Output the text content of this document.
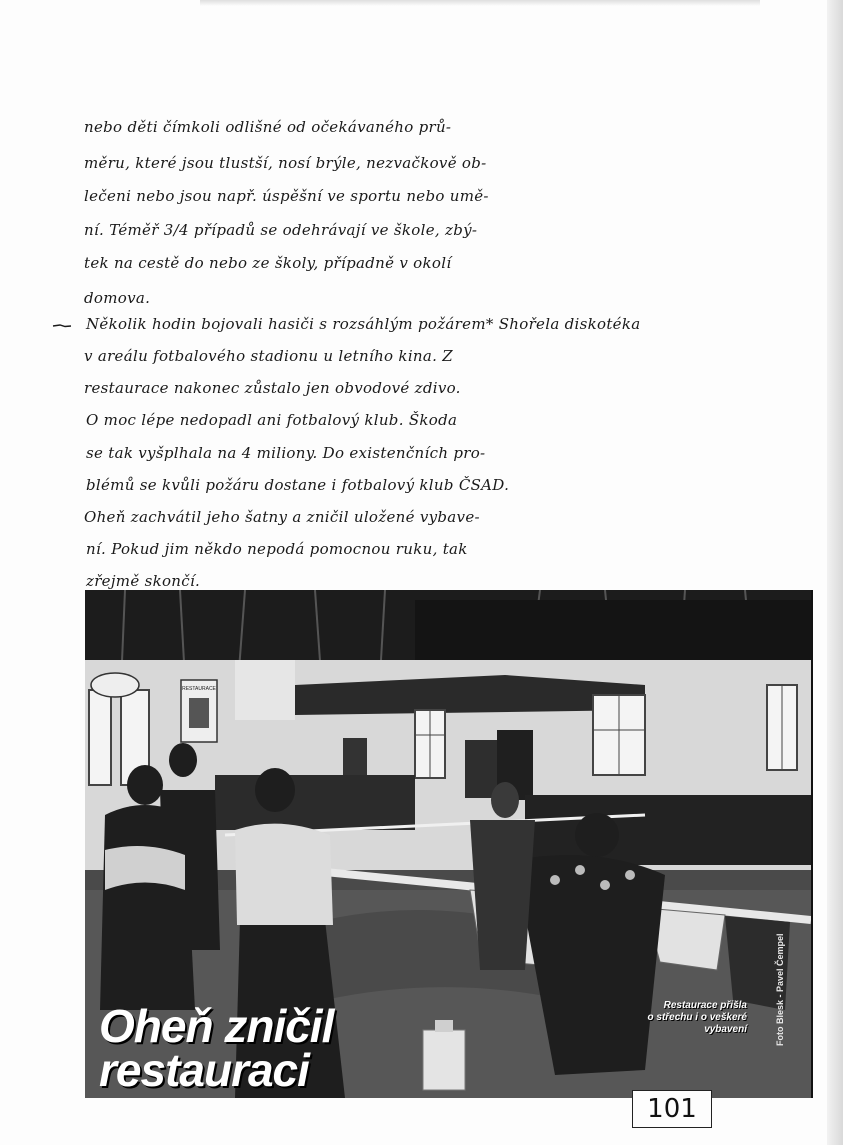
nebo děti čímkoli odlišné od očekávaného prů-
měru, které jsou tlustší, nosí brýle, nezvačkově ob-
lečeni nebo jsou např. úspěšní ve sportu nebo umě-
ní. Téměř 3/4 případů se odehrávají ve škole, zbý-
tek na cestě do nebo ze školy, případně v okolí
domova.
Několik hodin bojovali hasiči s rozsáhlým požárem* Shořela diskotéka
v areálu fotbalového stadionu u letního kina. Z
restaurace nakonec zůstalo jen obvodové zdivo.
O moc lépe nedopadl ani fotbalový klub. Škoda
se tak vyšplhala na 4 miliony. Do existenčních pro-
blémů se kvůli požáru dostane i fotbalový klub ČSAD.
Oheň zachvátil jeho šatny a zničil uložené vybave-
ní. Pokud jim někdo nepodá pomocnou ruku, tak
zřejmě skončí.
RESTAURACE
Oheň zničil
restauraci
Restaurace přišla
o střechu i o veškeré
vybavení	Foto Blesk - Pavel Čempel
101
